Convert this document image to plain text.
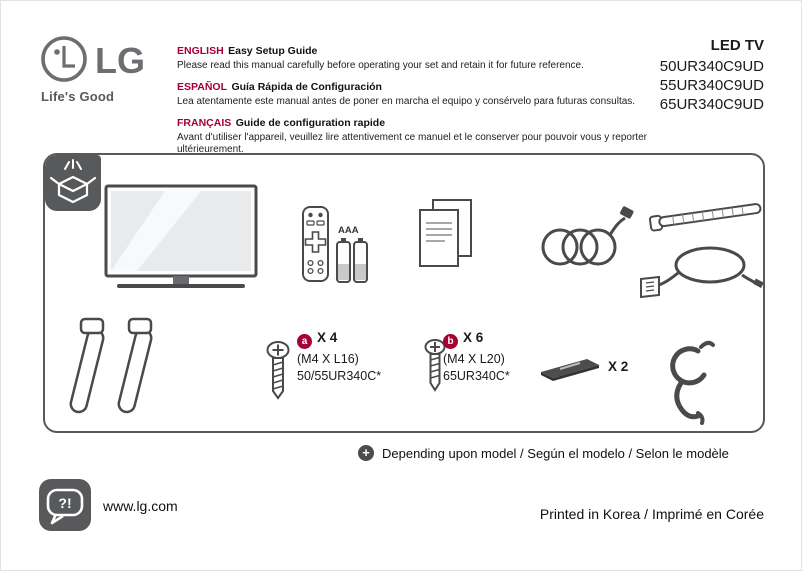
LG
Life's Good
ENGLISH Easy Setup Guide
Please read this manual carefully before operating your set and retain it for future reference.
ESPAÑOL Guía Rápida de Configuración
Lea atentamente este manual antes de poner en marcha el equipo y consérvelo para futuras consultas.
FRANÇAIS Guide de configuration rapide
Avant d'utiliser l'appareil, veuillez lire attentivement ce manuel et le conserver pour pouvoir vous y reporter ultérieurement.
LED TV
50UR340C9UD
55UR340C9UD
65UR340C9UD
AAA
a X 4
(M4 X L16)
50/55UR340C*
b X 6
(M4 X L20)
65UR340C*
X 2
+ Depending upon model / Según el modelo / Selon le modèle
?! www.lg.com	Printed in Korea / Imprimé en Corée
